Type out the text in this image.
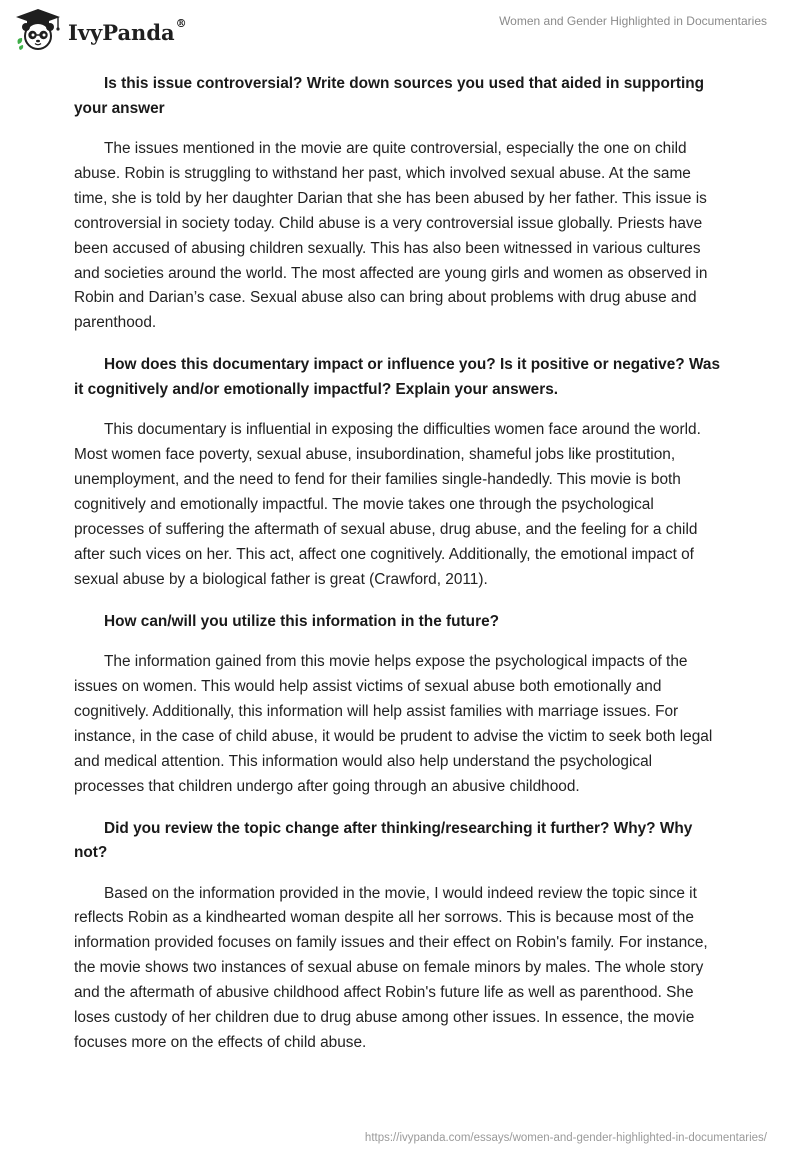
IvyPanda®	Women and Gender Highlighted in Documentaries

Is this issue controversial? Write down sources you used that aided in supporting your answer

The issues mentioned in the movie are quite controversial, especially the one on child abuse. Robin is struggling to withstand her past, which involved sexual abuse. At the same time, she is told by her daughter Darian that she has been abused by her father. This issue is controversial in society today. Child abuse is a very controversial issue globally. Priests have been accused of abusing children sexually. This has also been witnessed in various cultures and societies around the world. The most affected are young girls and women as observed in Robin and Darian’s case. Sexual abuse also can bring about problems with drug abuse and parenthood.

How does this documentary impact or influence you? Is it positive or negative? Was it cognitively and/or emotionally impactful? Explain your answers.

This documentary is influential in exposing the difficulties women face around the world. Most women face poverty, sexual abuse, insubordination, shameful jobs like prostitution, unemployment, and the need to fend for their families single-handedly. This movie is both cognitively and emotionally impactful. The movie takes one through the psychological processes of suffering the aftermath of sexual abuse, drug abuse, and the feeling for a child after such vices on her. This act, affect one cognitively. Additionally, the emotional impact of sexual abuse by a biological father is great (Crawford, 2011).

How can/will you utilize this information in the future?

The information gained from this movie helps expose the psychological impacts of the issues on women. This would help assist victims of sexual abuse both emotionally and cognitively. Additionally, this information will help assist families with marriage issues. For instance, in the case of child abuse, it would be prudent to advise the victim to seek both legal and medical attention. This information would also help understand the psychological processes that children undergo after going through an abusive childhood.

Did you review the topic change after thinking/researching it further? Why? Why not?

Based on the information provided in the movie, I would indeed review the topic since it reflects Robin as a kindhearted woman despite all her sorrows. This is because most of the information provided focuses on family issues and their effect on Robin's family. For instance, the movie shows two instances of sexual abuse on female minors by males. The whole story and the aftermath of abusive childhood affect Robin's future life as well as parenthood. She loses custody of her children due to drug abuse among other issues. In essence, the movie focuses more on the effects of child abuse.

https://ivypanda.com/essays/women-and-gender-highlighted-in-documentaries/
